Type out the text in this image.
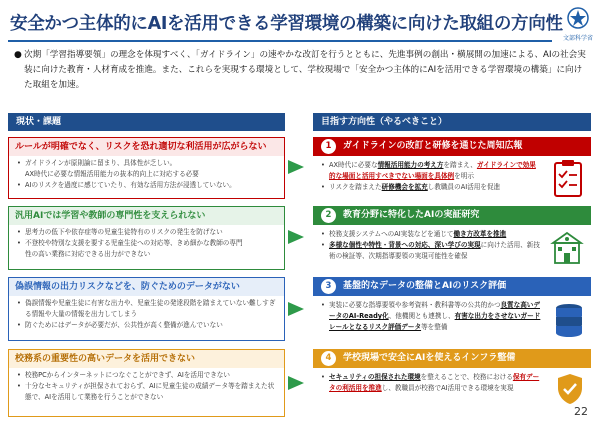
安全かつ主体的にAIを活用できる学習環境の構築に向けた取組の方向性
文部科学省
● 次期「学習指導要領」の理念を体現すべく、「ガイドライン」の速やかな改訂を行うとともに、先進事例の創出・横展開の加速による、AIの社会実装に向けた教育・人材育成を推進。また、これらを実現する環境として、学校現場で「安全かつ主体的にAIを活用できる学習環境の構築」に向けた取組を加速。
現状・課題	目指す方向性（やるべきこと）
ルールが明確でなく、リスクを恐れ適切な利活用が広がらない
• ガイドラインが原則論に留まり、具体性が乏しい。
AX時代に必要な情報活用能力の抜本的向上に対応する必要
• AIのリスクを過度に感じていたり、有効な活用方法が浸透していない。
汎用AIでは学習や教師の専門性を支えられない
• 思考力の低下や依存症等の児童生徒特有のリスクの発生を防げない
• 不登校や特別な支援を要する児童生徒への対応等、きめ細かな教師の専門
性の高い業務に対応できる出力ができない
偽誤情報の出力リスクなどを、防ぐためのデータがない
• 偽誤情報や児童生徒に有害な出力や、児童生徒の発達段階を踏まえていない難しすぎる情報や大量の情報を出力してしまう
• 防ぐためにはデータが必要だが、公共性が高く整備が進んでいない
校務系の重要性の高いデータを活用できない
• 校務PCからインターネットにつなぐことができず、AIを活用できない
• 十分なセキュリティが担保されておらず、AIに児童生徒の成績データ等を踏まえた状態で、AIを活用して業務を行うことができない
1	ガイドラインの改訂と研修を通じた周知広報
• AX時代に必要な情報活用能力の考え方を踏まえ、ガイドラインで効果的な場面と活用すべきでない場面を具体例を明示
• リスクを踏まえた研修機会を拡充し教職員のAI活用を促進
2	教育分野に特化したAIの実証研究
• 校務支援システムへのAI実装などを通じて働き方改革を推進
• 多様な個性や特性・背景への対応、深い学びの実現に向けた活用、新技術の検証等、次期指導要領の実現可能性を確保
3	基盤的なデータの整備とAIのリスク評価
• 実装に必要な指導要領や参考資料・教科書等の公共的かつ良質な高いデータのAI-Ready化、他機関とも連携し、有害な出力をさせないガードレールとなるリスク評価データ等を整備
4	学校現場で安全にAIを使えるインフラ整備
• セキュリティの担保された環境を整えることで、校務における保有データの利活用を推進し、教職員が校務でAI活用できる環境を実現
22
